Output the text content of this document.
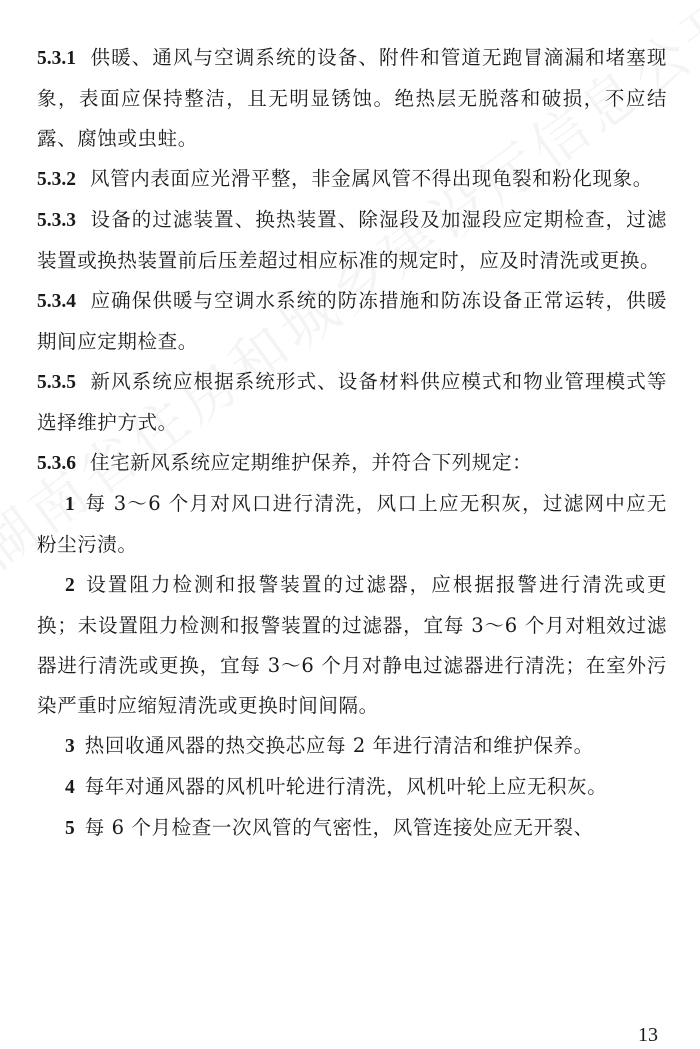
5.3.1 供暖、通风与空调系统的设备、附件和管道无跑冒滴漏和堵塞现象，表面应保持整洁，且无明显锈蚀。绝热层无脱落和破损，不应结露、腐蚀或虫蛀。

5.3.2 风管内表面应光滑平整，非金属风管不得出现龟裂和粉化现象。

5.3.3 设备的过滤装置、换热装置、除湿段及加湿段应定期检查，过滤装置或换热装置前后压差超过相应标准的规定时，应及时清洗或更换。

5.3.4 应确保供暖与空调水系统的防冻措施和防冻设备正常运转，供暖期间应定期检查。

5.3.5 新风系统应根据系统形式、设备材料供应模式和物业管理模式等选择维护方式。

5.3.6 住宅新风系统应定期维护保养，并符合下列规定：

1 每 3～6 个月对风口进行清洗，风口上应无积灰，过滤网中应无粉尘污渍。

2 设置阻力检测和报警装置的过滤器，应根据报警进行清洗或更换；未设置阻力检测和报警装置的过滤器，宜每 3～6 个月对粗效过滤器进行清洗或更换，宜每 3～6 个月对静电过滤器进行清洗；在室外污染严重时应缩短清洗或更换时间间隔。

3 热回收通风器的热交换芯应每 2 年进行清洁和维护保养。

4 每年对通风器的风机叶轮进行清洗，风机叶轮上应无积灰。

5 每 6 个月检查一次风管的气密性，风管连接处应无开裂、

13
